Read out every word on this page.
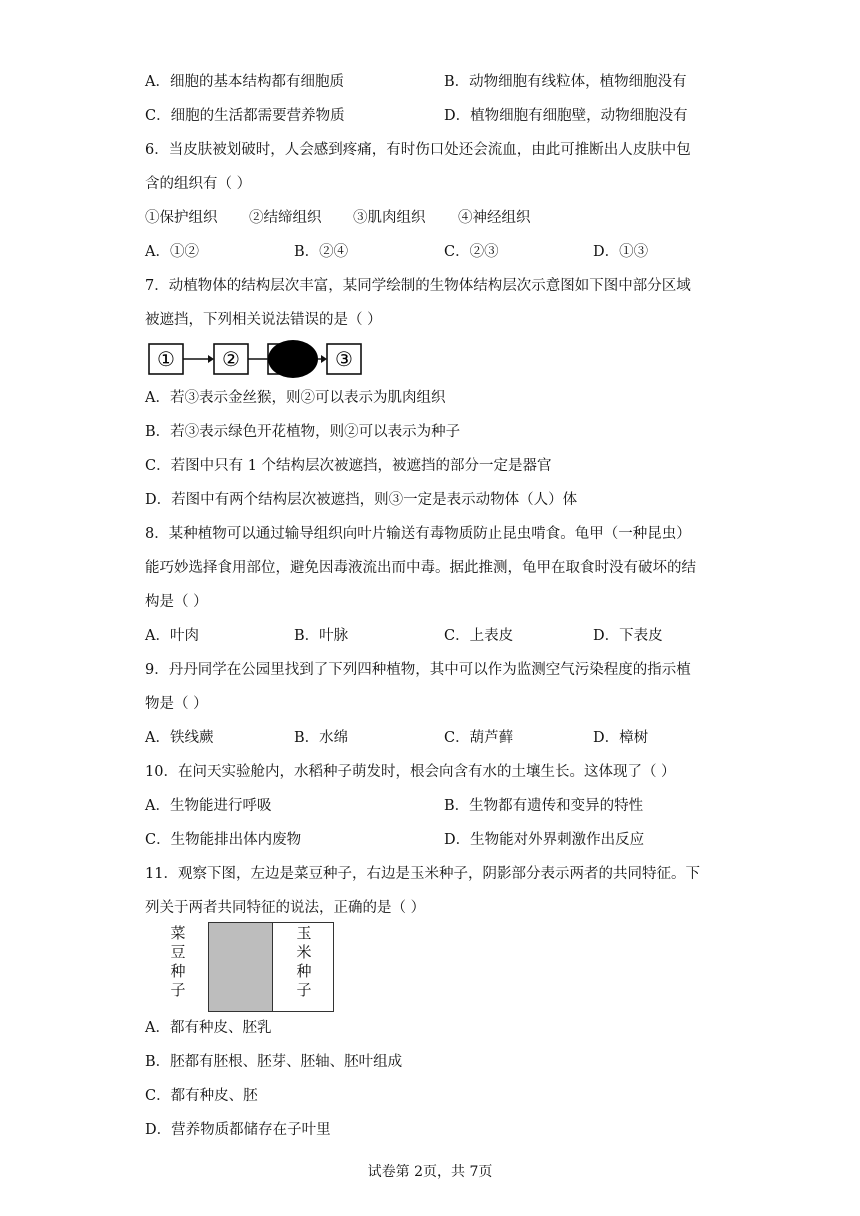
A．细胞的基本结构都有细胞质	B．动物细胞有线粒体，植物细胞没有
C．细胞的生活都需要营养物质	D．植物细胞有细胞壁，动物细胞没有
6．当皮肤被划破时，人会感到疼痛，有时伤口处还会流血，由此可推断出人皮肤中包
含的组织有（ ）
①保护组织 ②结缔组织 ③肌肉组织 ④神经组织
A．①②	B．②④	C．②③	D．①③
7．动植物体的结构层次丰富，某同学绘制的生物体结构层次示意图如下图中部分区域
被遮挡，下列相关说法错误的是（ ）
① ②	③
A．若③表示金丝猴，则②可以表示为肌肉组织
B．若③表示绿色开花植物，则②可以表示为种子
C．若图中只有 1 个结构层次被遮挡，被遮挡的部分一定是器官
D．若图中有两个结构层次被遮挡，则③一定是表示动物体（人）体
8．某种植物可以通过输导组织向叶片输送有毒物质防止昆虫啃食。龟甲（一种昆虫）
能巧妙选择食用部位，避免因毒液流出而中毒。据此推测，龟甲在取食时没有破坏的结
构是（ ）
A．叶肉	B．叶脉	C．上表皮	D．下表皮
9．丹丹同学在公园里找到了下列四种植物，其中可以作为监测空气污染程度的指示植
物是（ ）
A．铁线蕨	B．水绵	C．葫芦藓	D．樟树
10．在问天实验舱内，水稻种子萌发时，根会向含有水的土壤生长。这体现了（ ）
A．生物能进行呼吸	B．生物都有遗传和变异的特性
C．生物能排出体内废物	D．生物能对外界刺激作出反应
11．观察下图，左边是菜豆种子，右边是玉米种子，阴影部分表示两者的共同特征。下
列关于两者共同特征的说法，正确的是（ ）
菜
豆
种
子
玉
米
种
子
A．都有种皮、胚乳
B．胚都有胚根、胚芽、胚轴、胚叶组成
C．都有种皮、胚
D．营养物质都储存在子叶里
试卷第 2页，共 7页
